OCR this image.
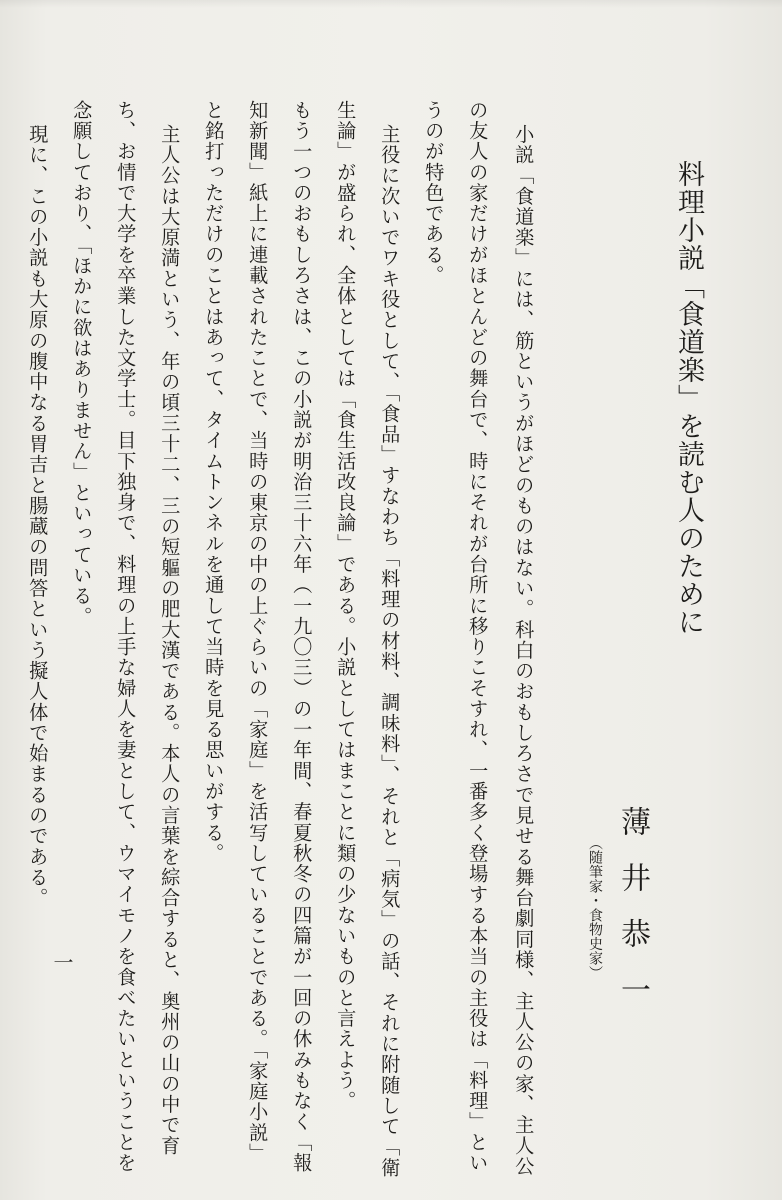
料理小説「食道楽」を読む人のために
薄井恭一
（随筆家・食物史家）
小説「食道楽」には、筋というがほどのものはない。科白のおもしろさで見せる舞台劇同様、主人公の家、主人公
の友人の家だけがほとんどの舞台で、時にそれが台所に移りこそすれ、一番多く登場する本当の主役は「料理」とい
うのが特色である。
主役に次いでワキ役として、「食品」すなわち「料理の材料、調味料」、それと「病気」の話、それに附随して「衛
生論」が盛られ、全体としては「食生活改良論」である。小説としてはまことに類の少ないものと言えよう。
もう一つのおもしろさは、この小説が明治三十六年（一九〇三）の一年間、春夏秋冬の四篇が一回の休みもなく「報
知新聞」紙上に連載されたことで、当時の東京の中の上ぐらいの「家庭」を活写していることである。「家庭小説」
と銘打っただけのことはあって、タイムトンネルを通して当時を見る思いがする。
主人公は大原満という、年の頃三十二、三の短軀の肥大漢である。本人の言葉を綜合すると、奥州の山の中で育
ち、お情で大学を卒業した文学士。目下独身で、料理の上手な婦人を妻として、ウマイモノを食べたいということを
念願しており、「ほかに欲はありません」といっている。
現に、この小説も大原の腹中なる胃吉と腸蔵の問答という擬人体で始まるのである。
一
